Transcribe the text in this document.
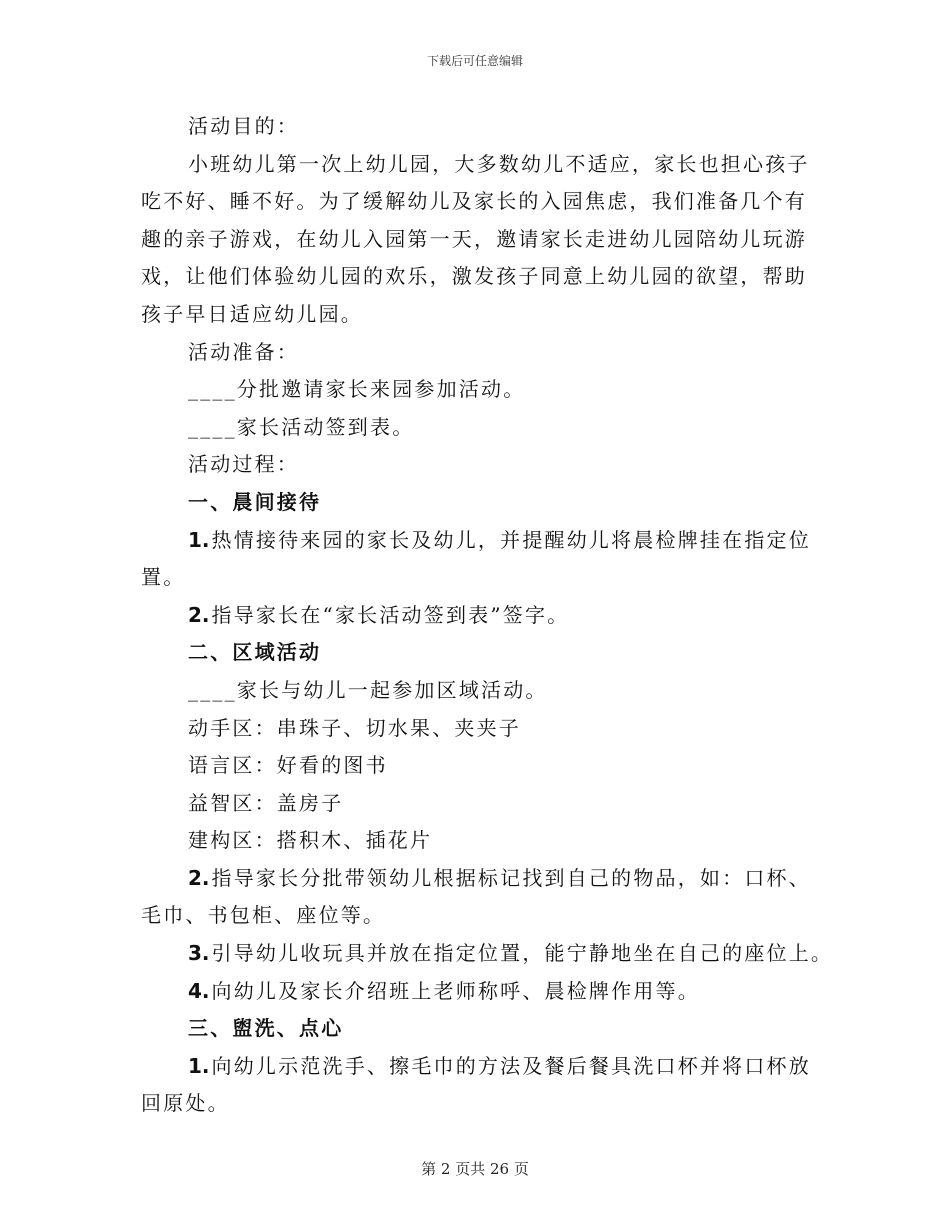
下载后可任意编辑
活动目的：
小班幼儿第一次上幼儿园，大多数幼儿不适应，家长也担心孩子
吃不好、睡不好。为了缓解幼儿及家长的入园焦虑，我们准备几个有
趣的亲子游戏，在幼儿入园第一天，邀请家长走进幼儿园陪幼儿玩游
戏，让他们体验幼儿园的欢乐，激发孩子同意上幼儿园的欲望，帮助
孩子早日适应幼儿园。
活动准备：
____分批邀请家长来园参加活动。
____家长活动签到表。
活动过程：
一、晨间接待
1. 热情接待来园的家长及幼儿，并提醒幼儿将晨检牌挂在指定位
置。
2. 指导家长在“家长活动签到表”签字。
二、区域活动
____家长与幼儿一起参加区域活动。
动手区：串珠子、切水果、夹夹子
语言区：好看的图书
益智区：盖房子
建构区：搭积木、插花片
2. 指导家长分批带领幼儿根据标记找到自己的物品，如：口杯、
毛巾、书包柜、座位等。
3. 引导幼儿收玩具并放在指定位置，能宁静地坐在自己的座位上。
4. 向幼儿及家长介绍班上老师称呼、晨检牌作用等。
三、盥洗、点心
1. 向幼儿示范洗手、擦毛巾的方法及餐后餐具洗口杯并将口杯放
回原处。
第 2 页共 26 页
